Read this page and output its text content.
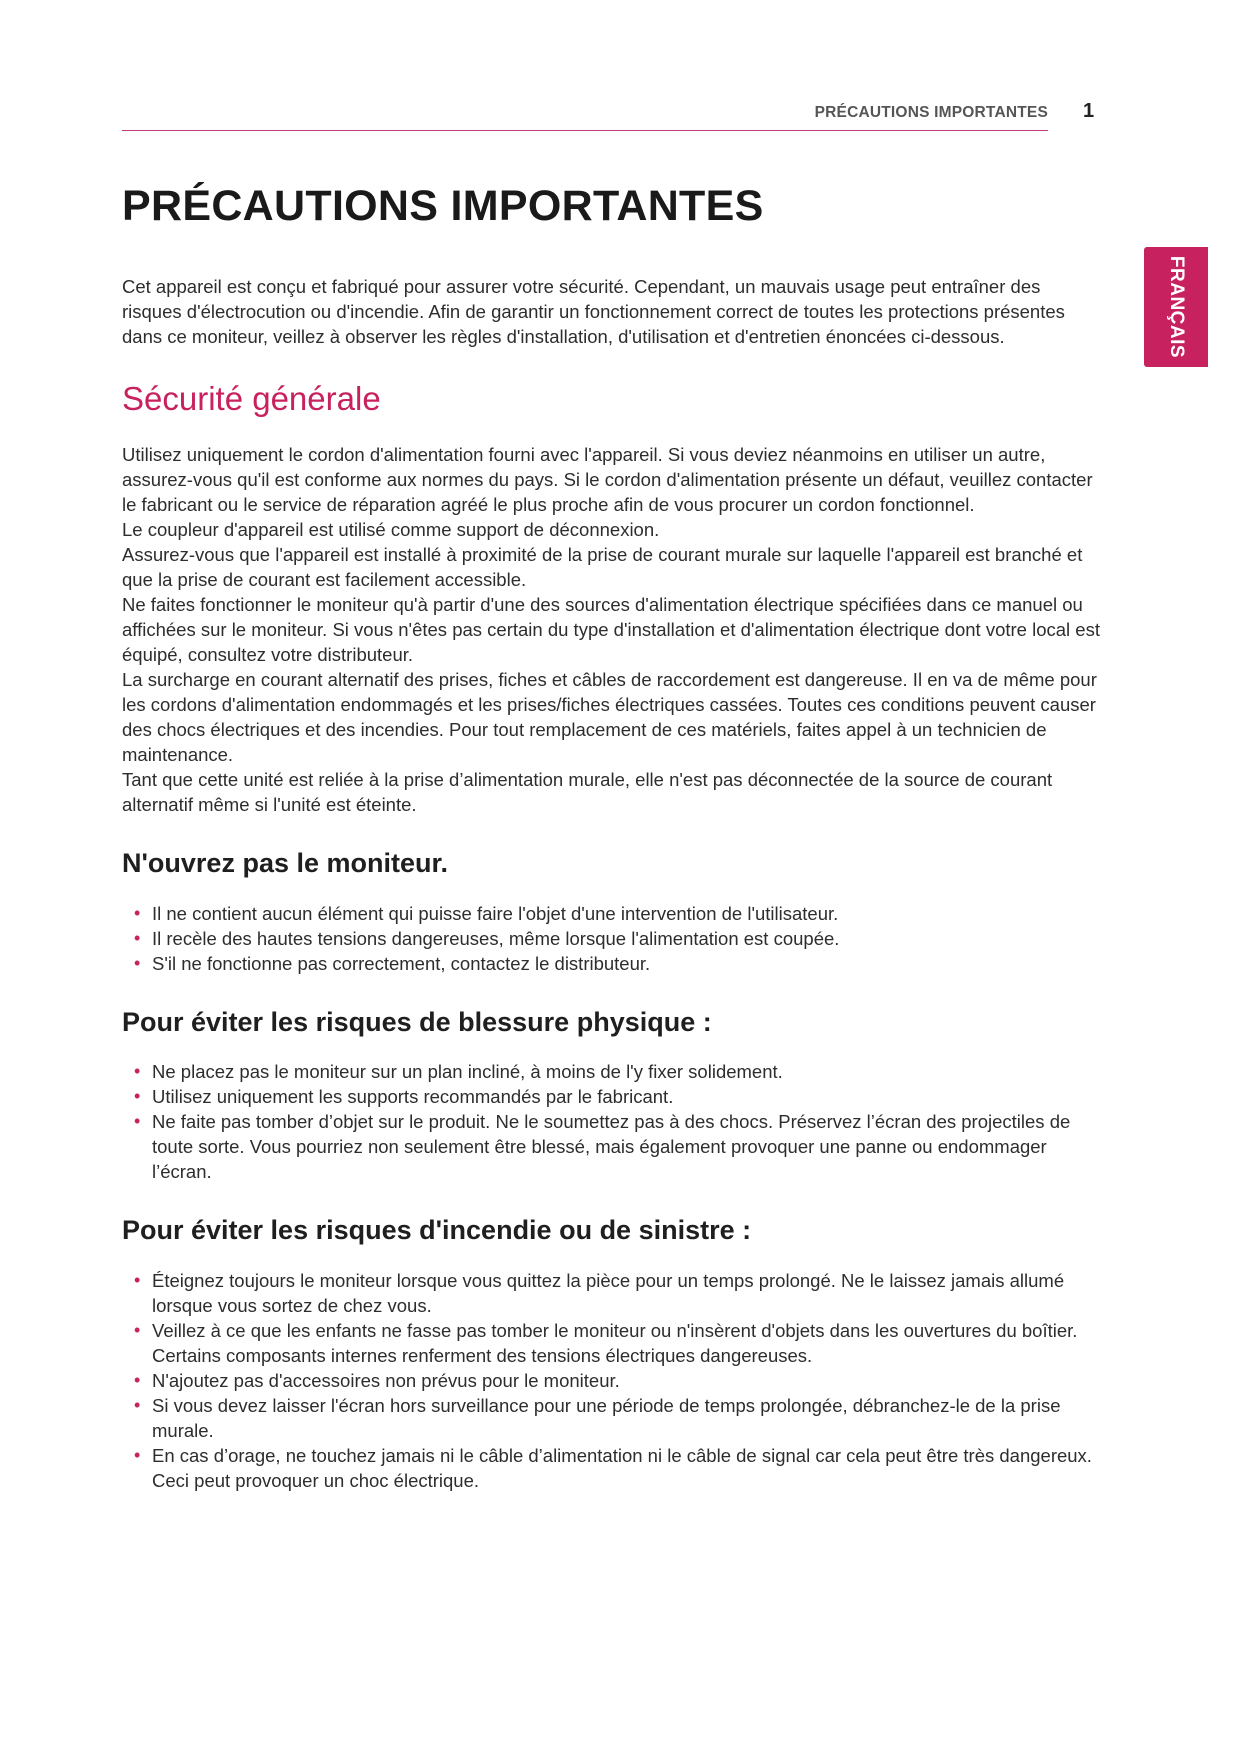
PRÉCAUTIONS IMPORTANTES 1
FRANÇAIS
PRÉCAUTIONS IMPORTANTES

Cet appareil est conçu et fabriqué pour assurer votre sécurité. Cependant, un mauvais usage peut entraîner des risques d'électrocution ou d'incendie. Afin de garantir un fonctionnement correct de toutes les protections présentes dans ce moniteur, veillez à observer les règles d'installation, d'utilisation et d'entretien énoncées ci-dessous.

Sécurité générale

Utilisez uniquement le cordon d'alimentation fourni avec l'appareil. Si vous deviez néanmoins en utiliser un autre, assurez-vous qu'il est conforme aux normes du pays. Si le cordon d'alimentation présente un défaut, veuillez contacter le fabricant ou le service de réparation agréé le plus proche afin de vous procurer un cordon fonctionnel.

Le coupleur d'appareil est utilisé comme support de déconnexion.

Assurez-vous que l'appareil est installé à proximité de la prise de courant murale sur laquelle l'appareil est branché et que la prise de courant est facilement accessible.

Ne faites fonctionner le moniteur qu'à partir d'une des sources d'alimentation électrique spécifiées dans ce manuel ou affichées sur le moniteur. Si vous n'êtes pas certain du type d'installation et d'alimentation électrique dont votre local est équipé, consultez votre distributeur.

La surcharge en courant alternatif des prises, fiches et câbles de raccordement est dangereuse. Il en va de même pour les cordons d'alimentation endommagés et les prises/fiches électriques cassées. Toutes ces conditions peuvent causer des chocs électriques et des incendies. Pour tout remplacement de ces matériels, faites appel à un technicien de maintenance.

Tant que cette unité est reliée à la prise d’alimentation murale, elle n'est pas déconnectée de la source de courant alternatif même si l'unité est éteinte.

N'ouvrez pas le moniteur.
• Il ne contient aucun élément qui puisse faire l'objet d'une intervention de l'utilisateur.
• Il recèle des hautes tensions dangereuses, même lorsque l'alimentation est coupée.
• S'il ne fonctionne pas correctement, contactez le distributeur.
Pour éviter les risques de blessure physique :
• Ne placez pas le moniteur sur un plan incliné, à moins de l'y fixer solidement.
• Utilisez uniquement les supports recommandés par le fabricant.
• Ne faite pas tomber d’objet sur le produit. Ne le soumettez pas à des chocs. Préservez l’écran des projectiles de toute sorte. Vous pourriez non seulement être blessé, mais également provoquer une panne ou endommager l’écran.
Pour éviter les risques d'incendie ou de sinistre :
• Éteignez toujours le moniteur lorsque vous quittez la pièce pour un temps prolongé. Ne le laissez jamais allumé lorsque vous sortez de chez vous.
• Veillez à ce que les enfants ne fasse pas tomber le moniteur ou n'insèrent d'objets dans les ouvertures du boîtier. Certains composants internes renferment des tensions électriques dangereuses.
• N'ajoutez pas d'accessoires non prévus pour le moniteur.
• Si vous devez laisser l'écran hors surveillance pour une période de temps prolongée, débranchez-le de la prise murale.
• En cas d’orage, ne touchez jamais ni le câble d’alimentation ni le câble de signal car cela peut être très dangereux. Ceci peut provoquer un choc électrique.
